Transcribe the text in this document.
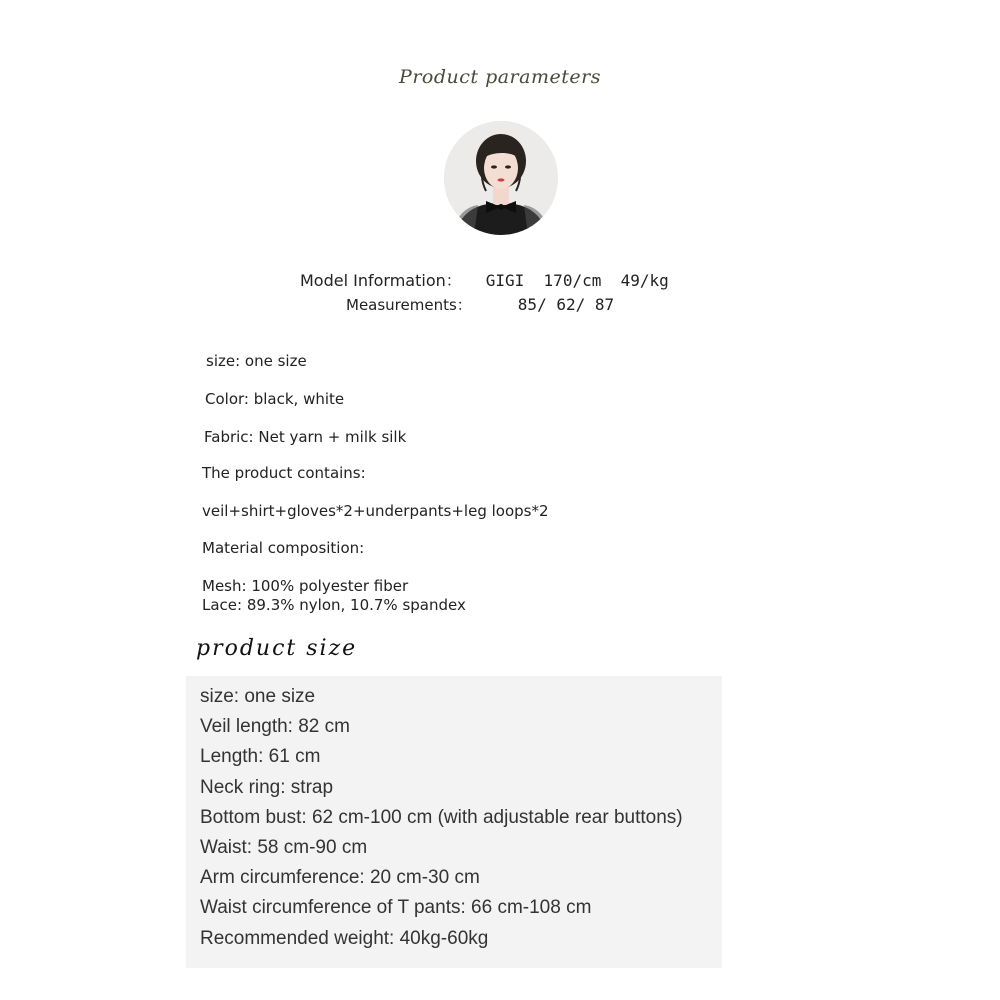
Product parameters
Model Information： GIGI  170/cm  49/kg
Measurements：	85/ 62/ 87
size: one size
Color: black, white
Fabric: Net yarn + milk silk
The product contains:
veil+shirt+gloves*2+underpants+leg loops*2
Material composition:
Mesh: 100% polyester fiber
Lace: 89.3% nylon, 10.7% spandex
product size
size: one size
Veil length: 82 cm
Length: 61 cm
Neck ring: strap
Bottom bust: 62 cm-100 cm (with adjustable rear buttons)
Waist: 58 cm-90 cm
Arm circumference: 20 cm-30 cm
Waist circumference of T pants: 66 cm-108 cm
Recommended weight: 40kg-60kg
